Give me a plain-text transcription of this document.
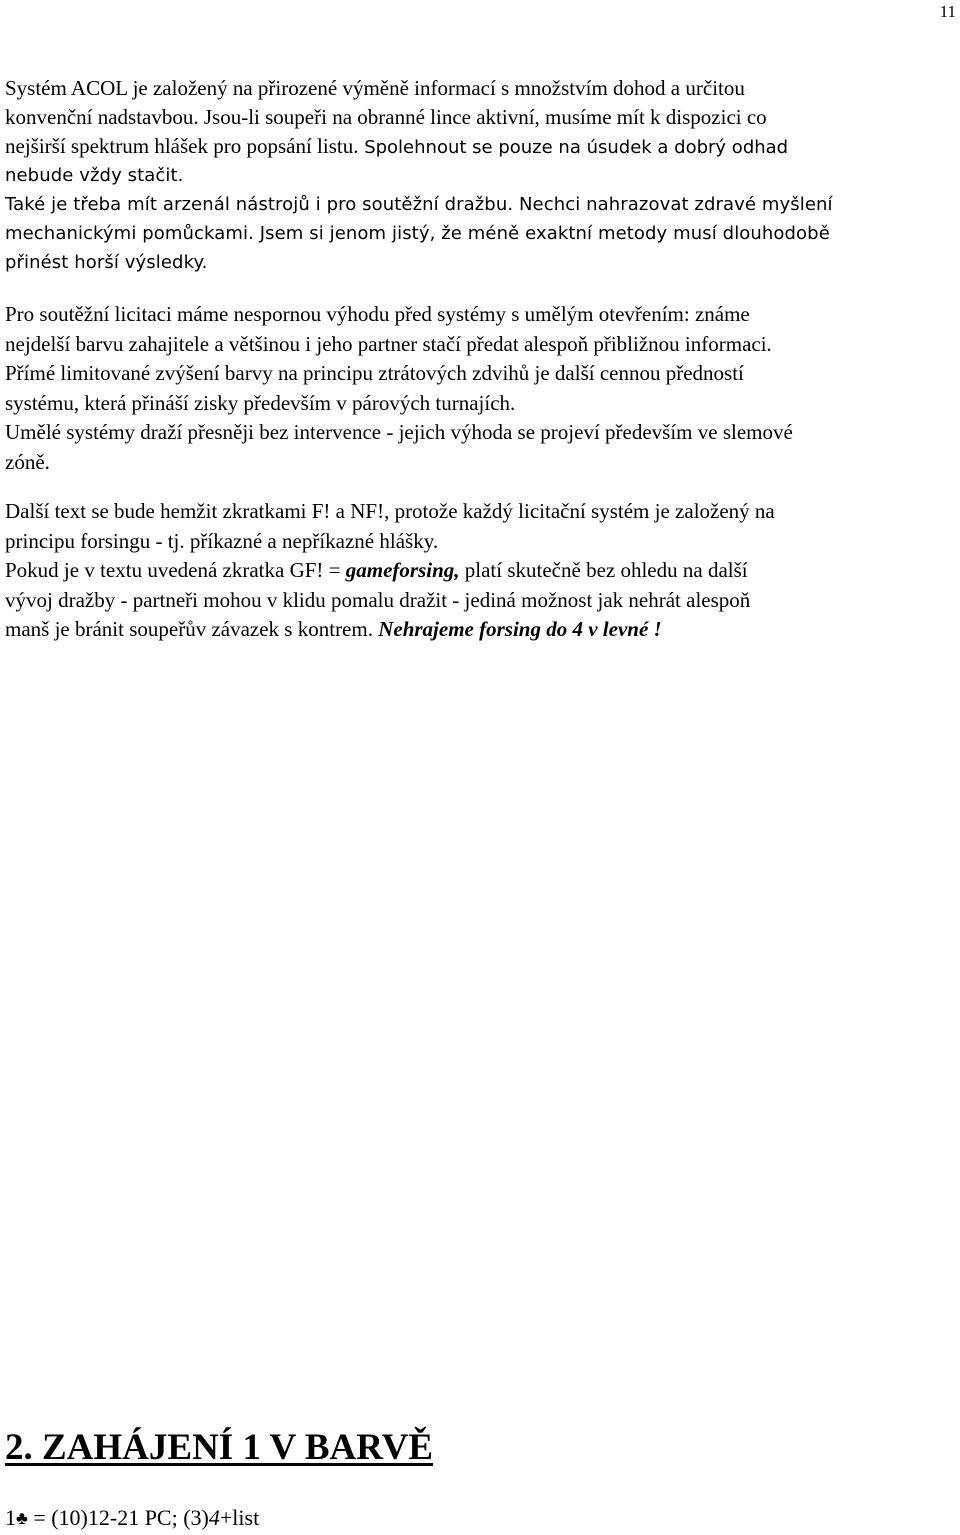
11
Systém ACOL je založený na přirozené výměně informací s množstvím dohod a určitou
konvenční nadstavbou. Jsou-li soupeři na obranné lince aktivní, musíme mít k dispozici co
nejširší spektrum hlášek pro popsání listu. Spolehnout se pouze na úsudek a dobrý odhad
nebude vždy stačit.
Také je třeba mít arzenál nástrojů i pro soutěžní dražbu. Nechci nahrazovat zdravé myšlení
mechanickými pomůckami. Jsem si jenom jistý, že méně exaktní metody musí dlouhodobě
přinést horší výsledky.
Pro soutěžní licitaci máme nespornou výhodu před systémy s umělým otevřením: známe
nejdelší barvu zahajitele a většinou i jeho partner stačí předat alespoň přibližnou informaci.
Přímé limitované zvýšení barvy na principu ztrátových zdvihů je další cennou předností
systému, která přináší zisky především v párových turnajích.
Umělé systémy draží přesněji bez intervence - jejich výhoda se projeví především ve slemové
zóně.
Další text se bude hemžit zkratkami F! a NF!, protože každý licitační systém je založený na
principu forsingu - tj. příkazné a nepříkazné hlášky.
Pokud je v textu uvedená zkratka GF! = gameforsing, platí skutečně bez ohledu na další
vývoj dražby - partneři mohou v klidu pomalu dražit - jediná možnost jak nehrát alespoň
manš je bránit soupeřův závazek s kontrem. Nehrajeme forsing do 4 v levné !
2. ZAHÁJENÍ 1 V BARVĚ
1♣ = (10)12-21 PC; (3)4+list
